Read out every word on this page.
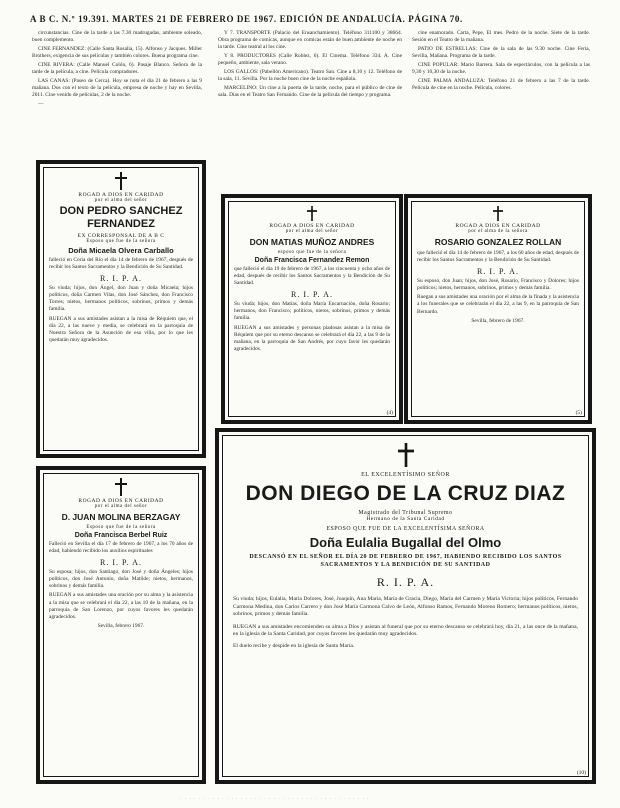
A B C. N.º 19.391. MARTES 21 DE FEBRERO DE 1967. EDICIÓN DE ANDALUCÍA. PÁGINA 70.

circunstancias. Cine de la tarde a las 7.30 madrugadas, ambiente soleado, buen complemento.

CINE FERNANDEZ: (Calle Santa Rosalía, 15). Alfonso y Jacques. Miller Brothers, exigencia de sus películas y también colores. Buena programa cine.

CINE RIVERA: (Calle Manuel Colón, 6). Pasaje Blanco. Señora de la tarde de la película, a cine. Película compradores.

LAS CANAS: (Paseo de Cerca). Hoy se nota el día 21 de febrero a las 9 mañana. Dos con el texto de la película, empresa de noche y hay en Sevilla, 2011. Cine venido de películas, 2 de la noche.

—

Y 7. TRANSPORTE (Palacio del Ensanchamiento). Teléfono 311100 y 38664. Obra programa de comicas, aunque en comicas están de buen ambiente de noche en la tarde. Cine teatral al los cine.

Y 8. PRODUCTORES (Calle Roblez, 6). El Cinema. Teléfono 334. A. Cine pequeño, ambiente, sala verano.

LOS GALLOS: (Pabellón Americano). Teatro San. Cine a 8,10 y 12. Teléfono de la sala, 11. Sevilla. Por la noche buen cine de la noche española.

MARCELINO: Un cine a la puerta de la tarde, noche, para el público de cine de sala. Días en el Teatro San Fernando. Cine de la película del tiempo y programa.

cine enamorado. Carta, Pepe, El mes. Pedro de la noche. Siete de la tarde. Sesión en el Teatro de la mañana.

PATIO DE ESTRELLAS: Cine de la sala de las 9.30 noche. Cine Feria, Sevilla, Mañana. Programa de la tarde.

CINE POPULAR: Mario Barrera. Sala de espectáculos, con la película a las 9,30 y 10,30 de la noche.

CINE PALMA ANDALUZA: Teléfono 21 de febrero a las 7 de la tarde. Película de cine en la noche. Película, colores.

ROGAD A DIOS EN CARIDAD
por el alma del señor
DON PEDRO SANCHEZ FERNANDEZ
EX CORRESPONSAL DE A B C
Esposo que fue de la señora
Doña Micaela Olvera Carballo
falleció en Coria del Río el día 14 de febrero de 1967, después de recibir los Santos Sacramentos y la Bendición de Su Santidad.
R. I. P. A.
Su viuda; hijos, don Ángel, don Juan y doña Micaela; hijos políticos, doña Carmen Vilas, don José Sánchez, don Francisco Torres; nietos, hermanos políticos, sobrinos, primos y demás familia.
RUEGAN a sus amistades asistan a la misa de Réquiem que, el día 22, a las nueve y media, se celebrará en la parroquia de Nuestra Señora de la Asunción de esa villa, por lo que les quedarán muy agradecidos.
ROGAD A DIOS EN CARIDAD
por el alma del señor
D. JUAN MOLINA BERZAGAY
Esposo que fue de la señora
Doña Francisca Berbel Ruiz
Falleció en Sevilla el día 17 de febrero de 1967, a los 70 años de edad, habiendo recibido los auxilios espirituales
R. I. P. A.
Su esposa; hijos, don Santiago, don José y doña Ángeles; hijos políticos, don José Antonio, doña Matilde; nietos, hermanos, sobrinos y demás familia.
RUEGAN a sus amistades una oración por su alma y la asistencia a la misa que se celebrará el día 22, a las 10 de la mañana, en la parroquia de San Lorenzo, por cuyos favores les quedarán agradecidos.
Sevilla, febrero 1967.
ROGAD A DIOS EN CARIDAD
por el alma del señor
DON MATIAS MUÑOZ ANDRES
esposo que fue de la señora
Doña Francisca Fernandez Remon
que falleció el día 19 de febrero de 1967, a los cincuenta y ocho años de edad, después de recibir los Santos Sacramentos y la Bendición de Su Santidad.
R. I. P. A.
Su viuda; hijos, don Matías, doña María Encarnación, doña Rosario; hermanos, don Francisco; políticos, nietos, sobrinos, primos y demás familia.
RUEGAN a sus amistades y personas piadosas asistan a la misa de Réquiem que por su eterno descanso se celebrará el día 22, a las 9 de la mañana, en la parroquia de San Andrés, por cuyo favor les quedarán agradecidos.
(4)
ROGAD A DIOS EN CARIDAD
por el alma de la señora
ROSARIO GONZALEZ ROLLAN
que falleció el día 14 de febrero de 1967, a los 60 años de edad, después de recibir los Santos Sacramentos y la Bendición de Su Santidad.
R. I. P. A.
Su esposo, don Juan; hijos, don José, Rosario, Francisco y Dolores; hijos políticos; nietos, hermanos, sobrinos, primos y demás familia.
Ruegan a sus amistades una oración por el alma de la finada y la asistencia a los funerales que se celebrarán el día 22, a las 9, en la parroquia de San Bernardo.
Sevilla, febrero de 1967.
(5)
EL EXCELENTÍSIMO SEÑOR
DON DIEGO DE LA CRUZ DIAZ
Magistrado del Tribunal Supremo
Hermano de la Santa Caridad
ESPOSO QUE FUE DE LA EXCELENTÍSIMA SEÑORA
Doña Eulalia Bugallal del Olmo
DESCANSÓ EN EL SEÑOR EL DÍA 20 DE FEBRERO DE 1967, HABIENDO RECIBIDO LOS SANTOS SACRAMENTOS Y LA BENDICIÓN DE SU SANTIDAD
R. I. P. A.
Su viuda; hijos, Eulalia, María Dolores, José, Joaquín, Ana María, María de Gracia, Diego, María del Carmen y María Victoria; hijos políticos, Fernando Carmona Medina, don Carlos Carrero y don José María Carmona Calvo de León, Alfonso Ramos, Fernando Moreno Romero; hermanos políticos, nietos, sobrinos, primos y demás familia.
RUEGAN a sus amistades encomienden su alma a Dios y asistan al funeral que por su eterno descanso se celebrará hoy, día 21, a las once de la mañana, en la iglesia de la Santa Caridad, por cuyos favores les quedarán muy agradecidos.
El duelo recibe y despide en la iglesia de Santa María.
(10)
· · · · · · · · · · · · · · · · · · · · · · · · · · · · · · · · · · · · · · · · ·
